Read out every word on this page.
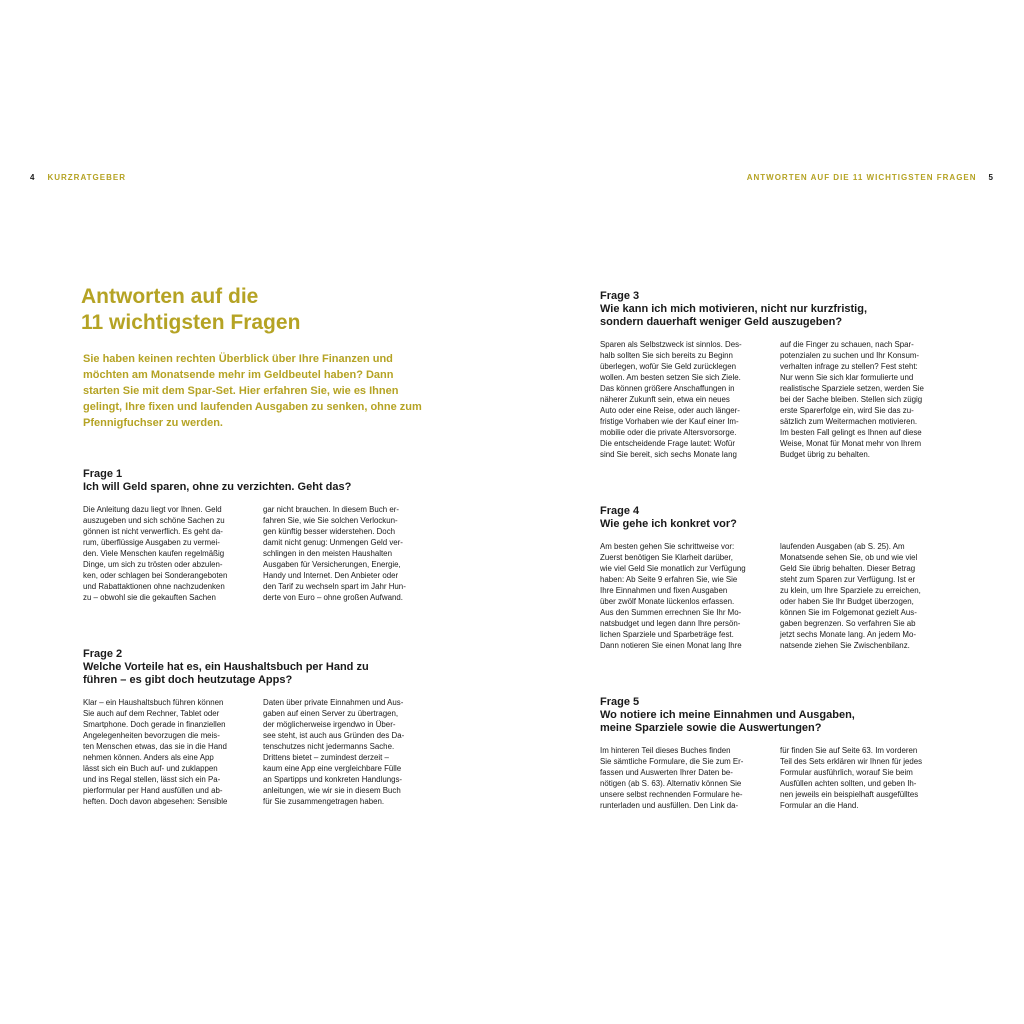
4 KURZRATGEBER	ANTWORTEN AUF DIE 11 WICHTIGSTEN FRAGEN 5
Antworten auf die
11 wichtigsten Fragen

Sie haben keinen rechten Überblick über Ihre Finanzen und möchten am Monatsende mehr im Geldbeutel haben? Dann starten Sie mit dem Spar-Set. Hier erfahren Sie, wie es Ihnen gelingt, Ihre fixen und laufenden Ausgaben zu senken, ohne zum Pfennigfuchser zu werden.

Frage 1

Ich will Geld sparen, ohne zu verzichten. Geht das?

Die Anleitung dazu liegt vor Ihnen. Geld
auszugeben und sich schöne Sachen zu
gönnen ist nicht verwerflich. Es geht da-
rum, überflüssige Ausgaben zu vermei-
den. Viele Menschen kaufen regelmäßig
Dinge, um sich zu trösten oder abzulen-
ken, oder schlagen bei Sonderangeboten
und Rabattaktionen ohne nachzudenken
zu – obwohl sie die gekauften Sachen
gar nicht brauchen. In diesem Buch er-
fahren Sie, wie Sie solchen Verlockun-
gen künftig besser widerstehen. Doch
damit nicht genug: Unmengen Geld ver-
schlingen in den meisten Haushalten
Ausgaben für Versicherungen, Energie,
Handy und Internet. Den Anbieter oder
den Tarif zu wechseln spart im Jahr Hun-
derte von Euro – ohne großen Aufwand.

Frage 2

Welche Vorteile hat es, ein Haushaltsbuch per Hand zu
führen – es gibt doch heutzutage Apps?

Klar – ein Haushaltsbuch führen können
Sie auch auf dem Rechner, Tablet oder
Smartphone. Doch gerade in finanziellen
Angelegenheiten bevorzugen die meis-
ten Menschen etwas, das sie in die Hand
nehmen können. Anders als eine App
lässt sich ein Buch auf- und zuklappen
und ins Regal stellen, lässt sich ein Pa-
pierformular per Hand ausfüllen und ab-
heften. Doch davon abgesehen: Sensible
Daten über private Einnahmen und Aus-
gaben auf einen Server zu übertragen,
der möglicherweise irgendwo in Über-
see steht, ist auch aus Gründen des Da-
tenschutzes nicht jedermanns Sache.
Drittens bietet – zumindest derzeit –
kaum eine App eine vergleichbare Fülle
an Spartipps und konkreten Handlungs-
anleitungen, wie wir sie in diesem Buch
für Sie zusammengetragen haben.

Frage 3

Wie kann ich mich motivieren, nicht nur kurzfristig,
sondern dauerhaft weniger Geld auszugeben?

Sparen als Selbstzweck ist sinnlos. Des-
halb sollten Sie sich bereits zu Beginn
überlegen, wofür Sie Geld zurücklegen
wollen. Am besten setzen Sie sich Ziele.
Das können größere Anschaffungen in
näherer Zukunft sein, etwa ein neues
Auto oder eine Reise, oder auch länger-
fristige Vorhaben wie der Kauf einer Im-
mobilie oder die private Altersvorsorge.
Die entscheidende Frage lautet: Wofür
sind Sie bereit, sich sechs Monate lang
auf die Finger zu schauen, nach Spar-
potenzialen zu suchen und Ihr Konsum-
verhalten infrage zu stellen? Fest steht:
Nur wenn Sie sich klar formulierte und
realistische Sparziele setzen, werden Sie
bei der Sache bleiben. Stellen sich zügig
erste Sparerfolge ein, wird Sie das zu-
sätzlich zum Weitermachen motivieren.
Im besten Fall gelingt es Ihnen auf diese
Weise, Monat für Monat mehr von Ihrem
Budget übrig zu behalten.

Frage 4

Wie gehe ich konkret vor?

Am besten gehen Sie schrittweise vor:
Zuerst benötigen Sie Klarheit darüber,
wie viel Geld Sie monatlich zur Verfügung
haben: Ab Seite 9 erfahren Sie, wie Sie
Ihre Einnahmen und fixen Ausgaben
über zwölf Monate lückenlos erfassen.
Aus den Summen errechnen Sie Ihr Mo-
natsbudget und legen dann Ihre persön-
lichen Sparziele und Sparbeträge fest.
Dann notieren Sie einen Monat lang Ihre
laufenden Ausgaben (ab S. 25). Am
Monatsende sehen Sie, ob und wie viel
Geld Sie übrig behalten. Dieser Betrag
steht zum Sparen zur Verfügung. Ist er
zu klein, um Ihre Sparziele zu erreichen,
oder haben Sie Ihr Budget überzogen,
können Sie im Folgemonat gezielt Aus-
gaben begrenzen. So verfahren Sie ab
jetzt sechs Monate lang. An jedem Mo-
natsende ziehen Sie Zwischenbilanz.

Frage 5

Wo notiere ich meine Einnahmen und Ausgaben,
meine Sparziele sowie die Auswertungen?

Im hinteren Teil dieses Buches finden
Sie sämtliche Formulare, die Sie zum Er-
fassen und Auswerten Ihrer Daten be-
nötigen (ab S. 63). Alternativ können Sie
unsere selbst rechnenden Formulare he-
runterladen und ausfüllen. Den Link da-
für finden Sie auf Seite 63. Im vorderen
Teil des Sets erklären wir Ihnen für jedes
Formular ausführlich, worauf Sie beim
Ausfüllen achten sollten, und geben Ih-
nen jeweils ein beispielhaft ausgefülltes
Formular an die Hand.
